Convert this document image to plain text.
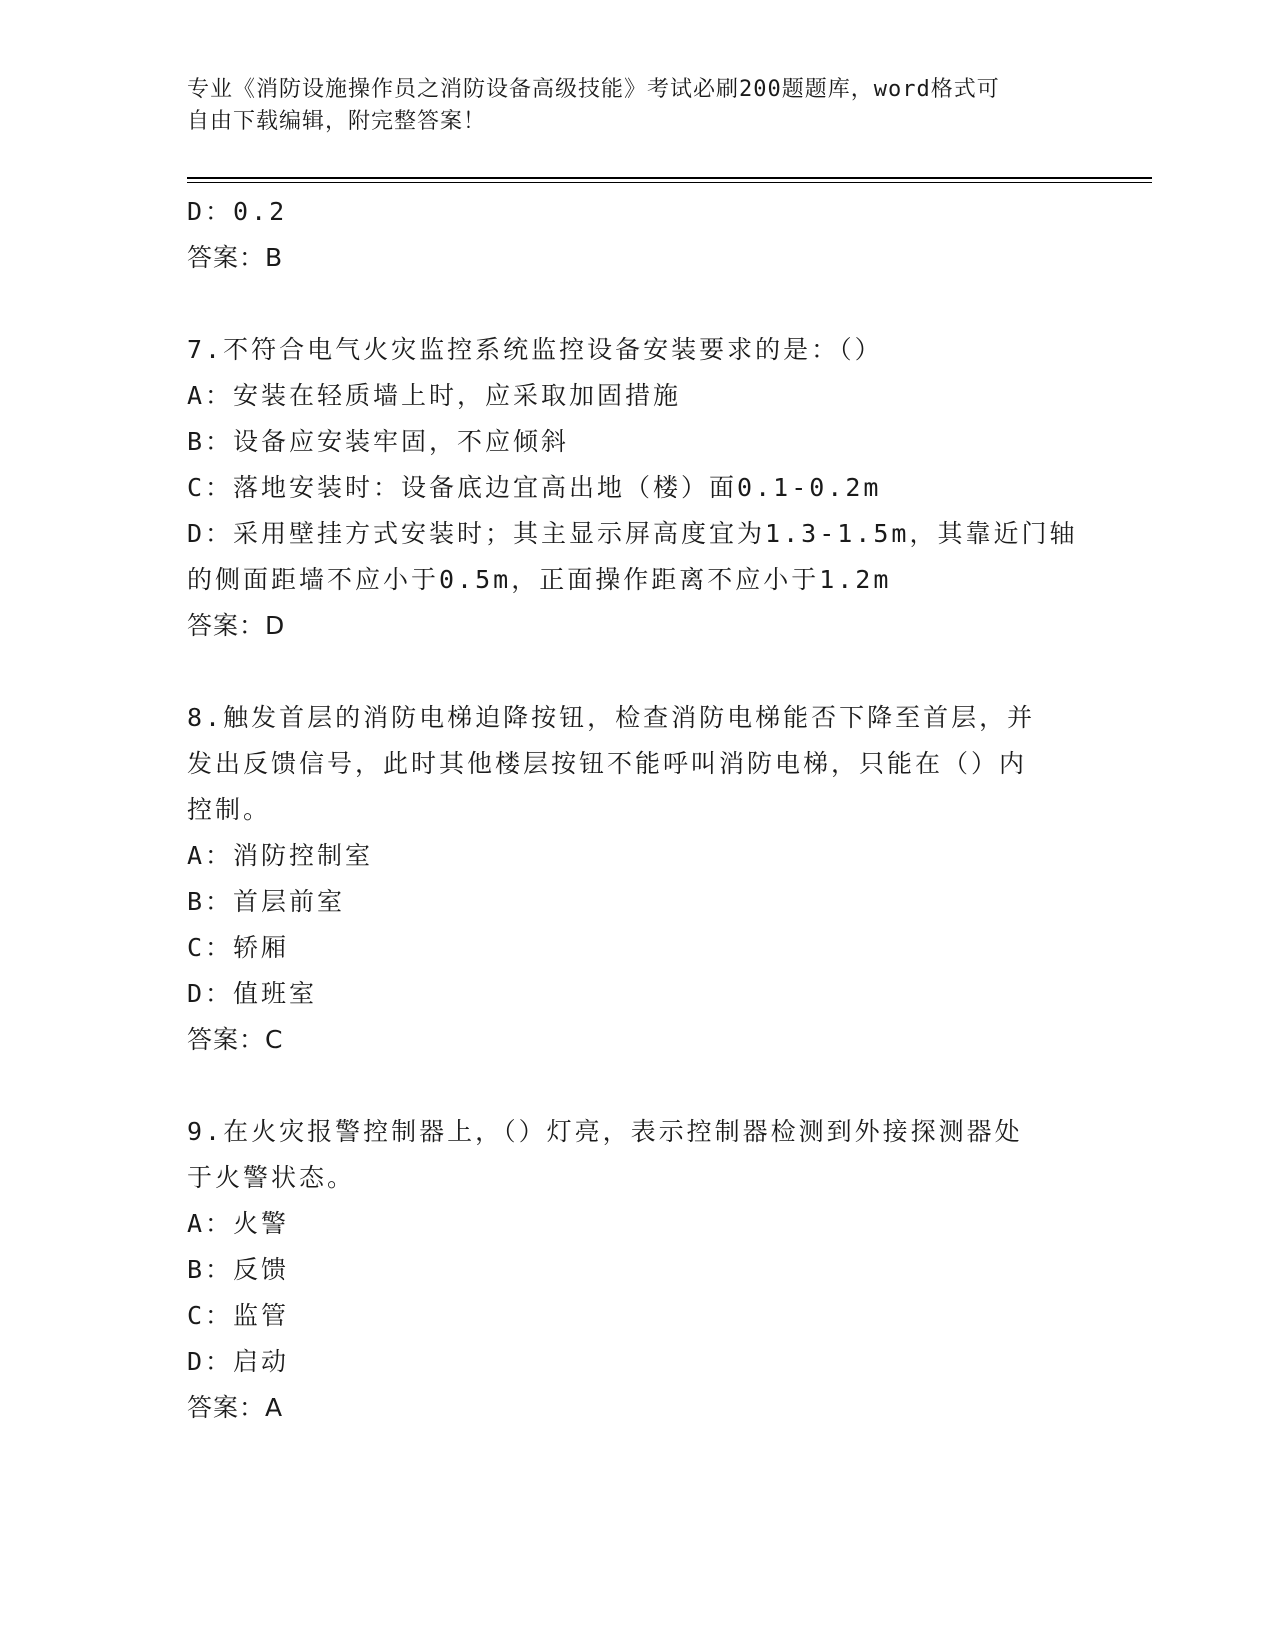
专业《消防设施操作员之消防设备高级技能》考试必刷200题题库，word格式可
自由下载编辑，附完整答案！
D：0.2
答案：B
7.不符合电气火灾监控系统监控设备安装要求的是：（）
A：安装在轻质墙上时，应采取加固措施
B：设备应安装牢固，不应倾斜
C：落地安装时：设备底边宜高出地（楼）面0.1-0.2m
D：采用壁挂方式安装时；其主显示屏高度宜为1.3-1.5m，其靠近门轴
的侧面距墙不应小于0.5m，正面操作距离不应小于1.2m
答案：D
8.触发首层的消防电梯迫降按钮，检查消防电梯能否下降至首层，并
发出反馈信号，此时其他楼层按钮不能呼叫消防电梯，只能在（）内
控制。
A：消防控制室
B：首层前室
C：轿厢
D：值班室
答案：C
9.在火灾报警控制器上，（）灯亮，表示控制器检测到外接探测器处
于火警状态。
A：火警
B：反馈
C：监管
D：启动
答案：A
